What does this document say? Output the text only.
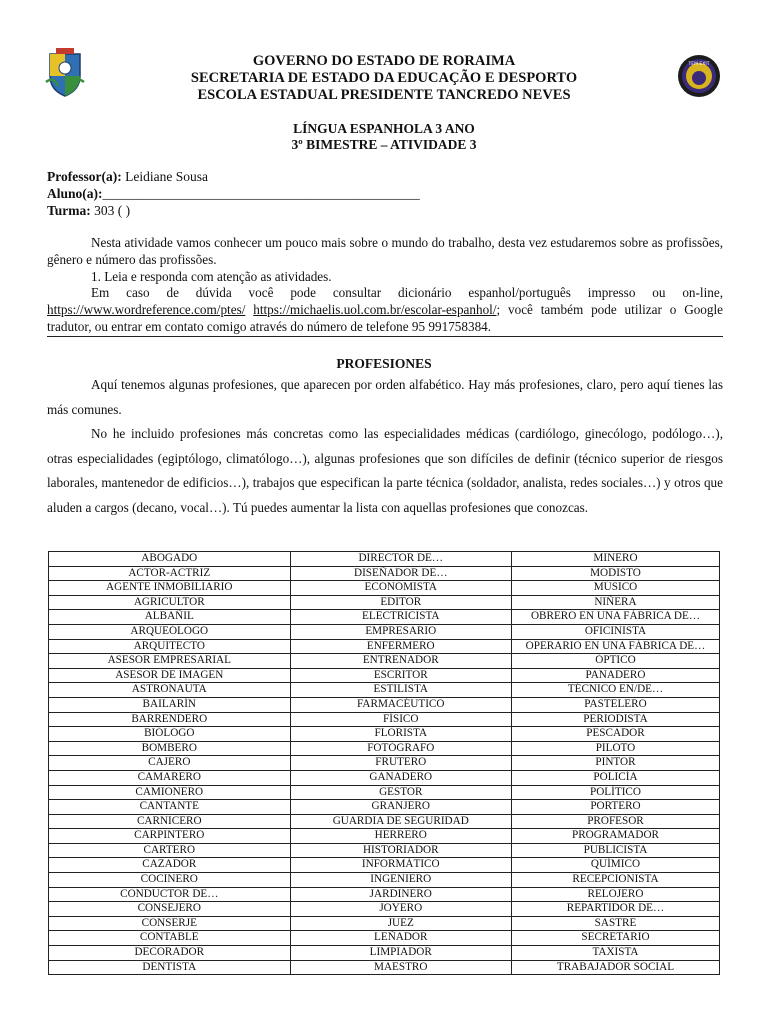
TEM EXIT
GOVERNO DO ESTADO DE RORAIMA
SECRETARIA DE ESTADO DA EDUCAÇÃO E DESPORTO
ESCOLA ESTADUAL PRESIDENTE TANCREDO NEVES
LÍNGUA ESPANHOLA 3 ANO
3º BIMESTRE – ATIVIDADE 3
Professor(a): Leidiane Sousa
Aluno(a):_______________________________________________
Turma: 303 ( )

Nesta atividade vamos conhecer um pouco mais sobre o mundo do trabalho, desta vez estudaremos sobre as profissões, gênero e número das profissões.

1. Leia e responda com atenção as atividades.

Em caso de dúvida você pode consultar dicionário espanhol/português impresso ou on-line, https://www.wordreference.com/ptes/ https://michaelis.uol.com.br/escolar-espanhol/; você também pode utilizar o Google tradutor, ou entrar em contato comigo através do número de telefone 95 991758384.

PROFESIONES

Aquí tenemos algunas profesiones, que aparecen por orden alfabético. Hay más profesiones, claro, pero aquí tienes las más comunes.

No he incluido profesiones más concretas como las especialidades médicas (cardiólogo, ginecólogo, podólogo…), otras especialidades (egiptólogo, climatólogo…), algunas profesiones que son difíciles de definir (técnico superior de riesgos laborales, mantenedor de edificios…), trabajos que especifican la parte técnica (soldador, analista, redes sociales…) y otros que aluden a cargos (decano, vocal…). Tú puedes aumentar la lista con aquellas profesiones que conozcas.

ABOGADO	DIRECTOR DE…	MINERO
ACTOR-ACTRIZ	DISEÑADOR DE…	MODISTO
AGENTE INMOBILIARIO	ECONOMISTA	MÚSICO
AGRICULTOR	EDITOR	NIÑERA
ALBAÑIL	ELECTRICISTA	OBRERO EN UNA FÁBRICA DE…
ARQUEÓLOGO	EMPRESARIO	OFICINISTA
ARQUITECTO	ENFERMERO	OPERARIO EN UNA FÁBRICA DE…
ASESOR EMPRESARIAL	ENTRENADOR	ÓPTICO
ASESOR DE IMAGEN	ESCRITOR	PANADERO
ASTRONAUTA	ESTILISTA	TÉCNICO EN/DE…
BAILARÍN	FARMACÉUTICO	PASTELERO
BARRENDERO	FÍSICO	PERIODISTA
BIÓLOGO	FLORISTA	PESCADOR
BOMBERO	FOTÓGRAFO	PILOTO
CAJERO	FRUTERO	PINTOR
CAMARERO	GANADERO	POLICÍA
CAMIONERO	GESTOR	POLÍTICO
CANTANTE	GRANJERO	PORTERO
CARNICERO	GUARDIA DE SEGURIDAD	PROFESOR
CARPINTERO	HERRERO	PROGRAMADOR
CARTERO	HISTORIADOR	PUBLICISTA
CAZADOR	INFORMÁTICO	QUÍMICO
COCINERO	INGENIERO	RECEPCIONISTA
CONDUCTOR DE…	JARDINERO	RELOJERO
CONSEJERO	JOYERO	REPARTIDOR DE…
CONSERJE	JUEZ	SASTRE
CONTABLE	LEÑADOR	SECRETARIO
DECORADOR	LIMPIADOR	TAXISTA
DENTISTA	MAESTRO	TRABAJADOR SOCIAL
